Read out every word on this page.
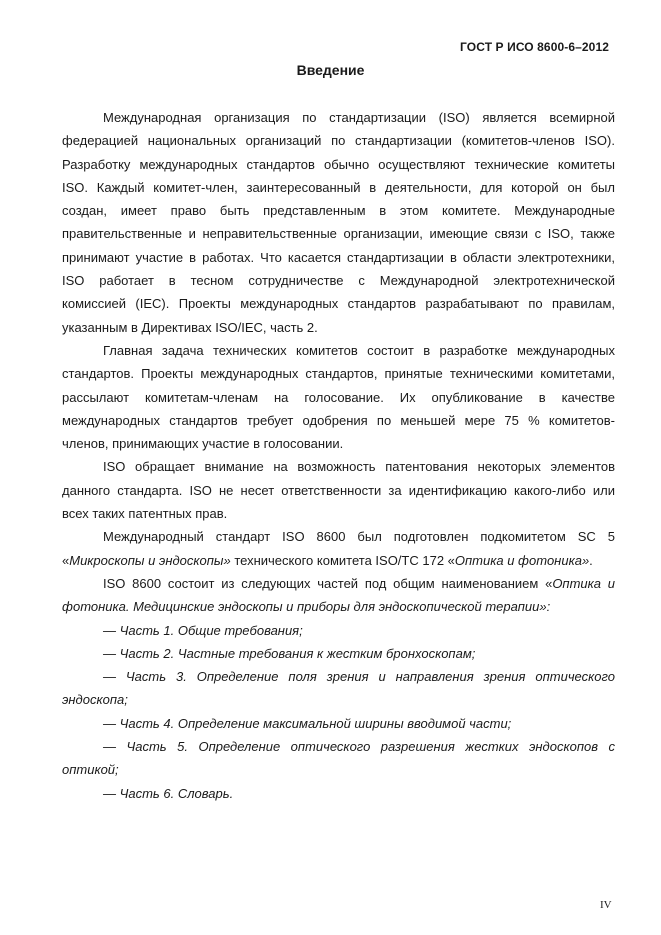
ГОСТ Р ИСО 8600-6–2012
Введение
Международная организация по стандартизации (ISO) является всемирной
федерацией национальных организаций по стандартизации (комитетов-членов ISO).
Разработку международных стандартов обычно осуществляют технические комитеты
ISO. Каждый комитет-член, заинтересованный в деятельности, для которой он был
создан, имеет право быть представленным в этом комитете. Международные
правительственные и неправительственные организации, имеющие связи с ISO, также
принимают участие в работах. Что касается стандартизации в области электротехники,
ISO работает в тесном сотрудничестве с Международной электротехнической
комиссией (IEC). Проекты международных стандартов разрабатывают по правилам,
указанным в Директивах ISO/IEC, часть 2.
Главная задача технических комитетов состоит в разработке международных
стандартов. Проекты международных стандартов, принятые техническими комитетами,
рассылают комитетам-членам на голосование. Их опубликование в качестве
международных стандартов требует одобрения по меньшей мере 75 % комитетов-
членов, принимающих участие в голосовании.
ISO обращает внимание на возможность патентования некоторых элементов
данного стандарта. ISO не несет ответственности за идентификацию какого-либо или
всех таких патентных прав.
Международный стандарт ISO 8600 был подготовлен подкомитетом SC 5
«Микроскопы и эндоскопы» технического комитета ISO/TC 172 «Оптика и фотоника».
ISO 8600 состоит из следующих частей под общим наименованием «Оптика и
фотоника. Медицинские эндоскопы и приборы для эндоскопической терапии»:
— Часть 1. Общие требования;
— Часть 2. Частные требования к жестким бронхоскопам;
— Часть 3. Определение поля зрения и направления зрения оптического
эндоскопа;
— Часть 4. Определение максимальной ширины вводимой части;
— Часть 5. Определение оптического разрешения жестких эндоскопов с
оптикой;
— Часть 6. Словарь.
IV
